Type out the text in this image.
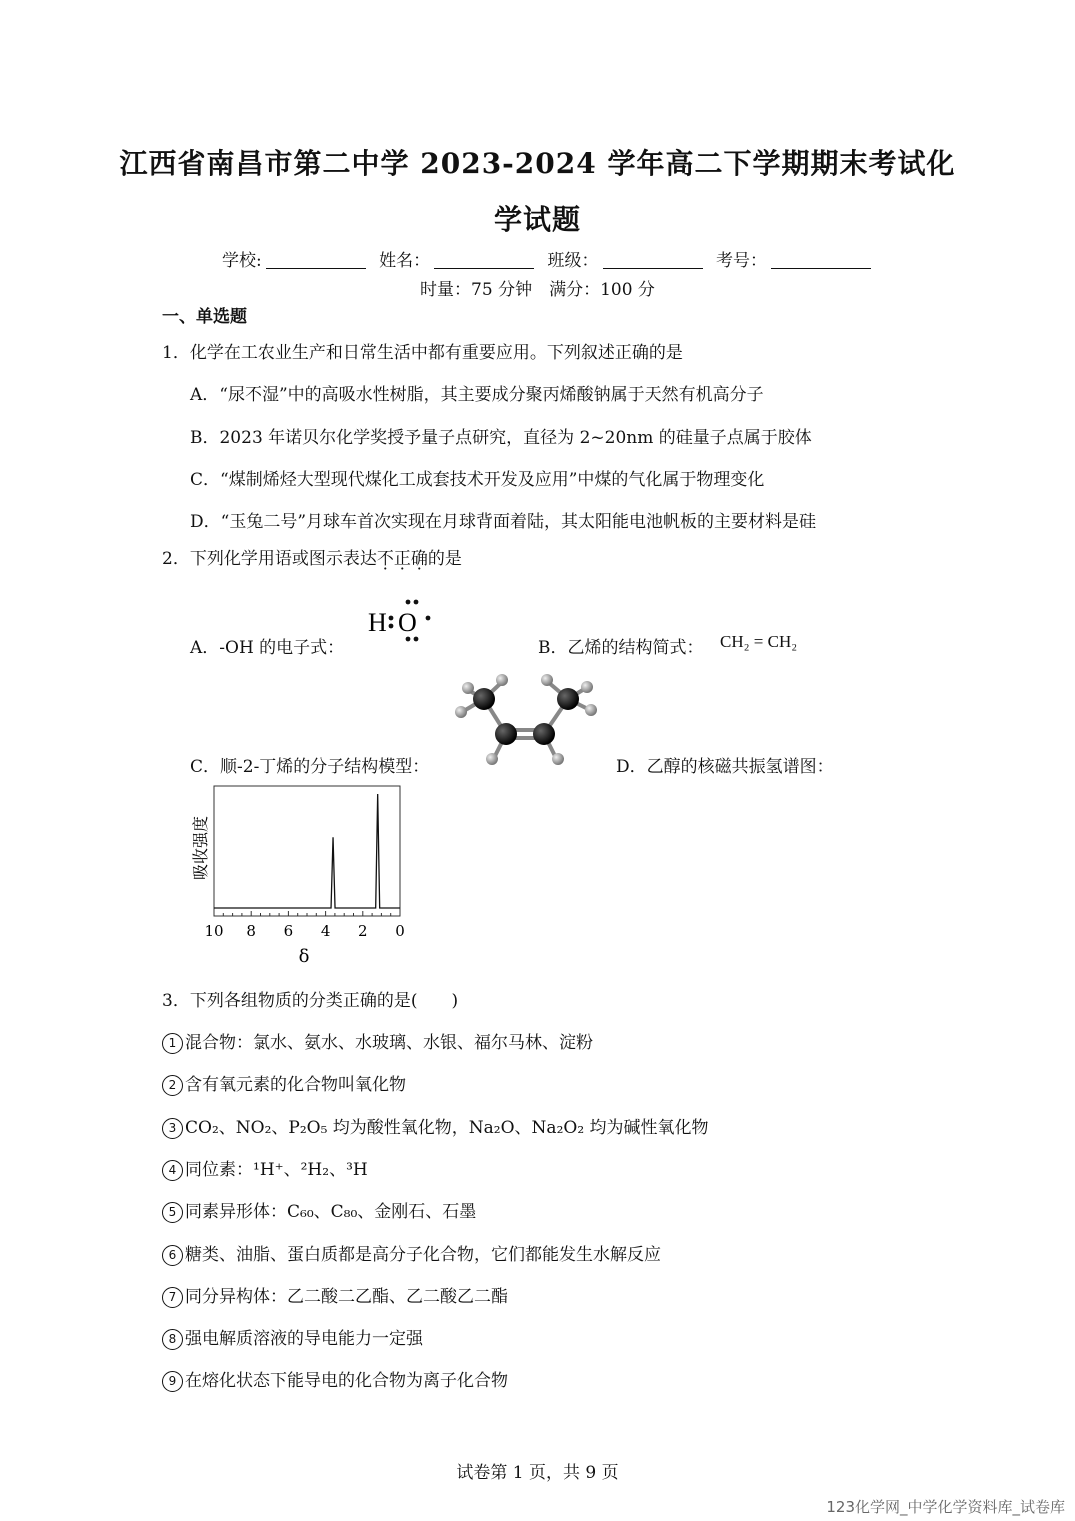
江西省南昌市第二中学 2023-2024 学年高二下学期期末考试化
学试题
学校:	姓名：	班级：	考号：
时量：75 分钟　满分：100 分
一、单选题
1．化学在工农业生产和日常生活中都有重要应用。下列叙述正确的是
A．“尿不湿”中的高吸水性树脂，其主要成分聚丙烯酸钠属于天然有机高分子
B．2023 年诺贝尔化学奖授予量子点研究，直径为 2~20nm 的硅量子点属于胶体
C．“煤制烯烃大型现代煤化工成套技术开发及应用”中煤的气化属于物理变化
D．“玉兔二号”月球车首次实现在月球背面着陆，其太阳能电池帆板的主要材料是硅
2．下列化学用语或图示表达不正确的是
A．-OH 的电子式：
H O
B．乙烯的结构简式： CH₂ = CH₂
C．顺-2-丁烯的分子结构模型：	D．乙醇的核磁共振氢谱图：
吸收强度
10 8 6 4 2 0
δ
3．下列各组物质的分类正确的是(　　)
1 混合物：氯水、氨水、水玻璃、水银、福尔马林、淀粉
2 含有氧元素的化合物叫氧化物
3 CO₂、NO₂、P₂O₅ 均为酸性氧化物，Na₂O、Na₂O₂ 均为碱性氧化物
4 同位素：¹H⁺、²H₂、³H
5 同素异形体：C₆₀、C₈₀、金刚石、石墨
6 糖类、油脂、蛋白质都是高分子化合物，它们都能发生水解反应
7 同分异构体：乙二酸二乙酯、乙二酸乙二酯
8 强电解质溶液的导电能力一定强
9 在熔化状态下能导电的化合物为离子化合物
试卷第 1 页，共 9 页
123化学网_中学化学资料库_试卷库
